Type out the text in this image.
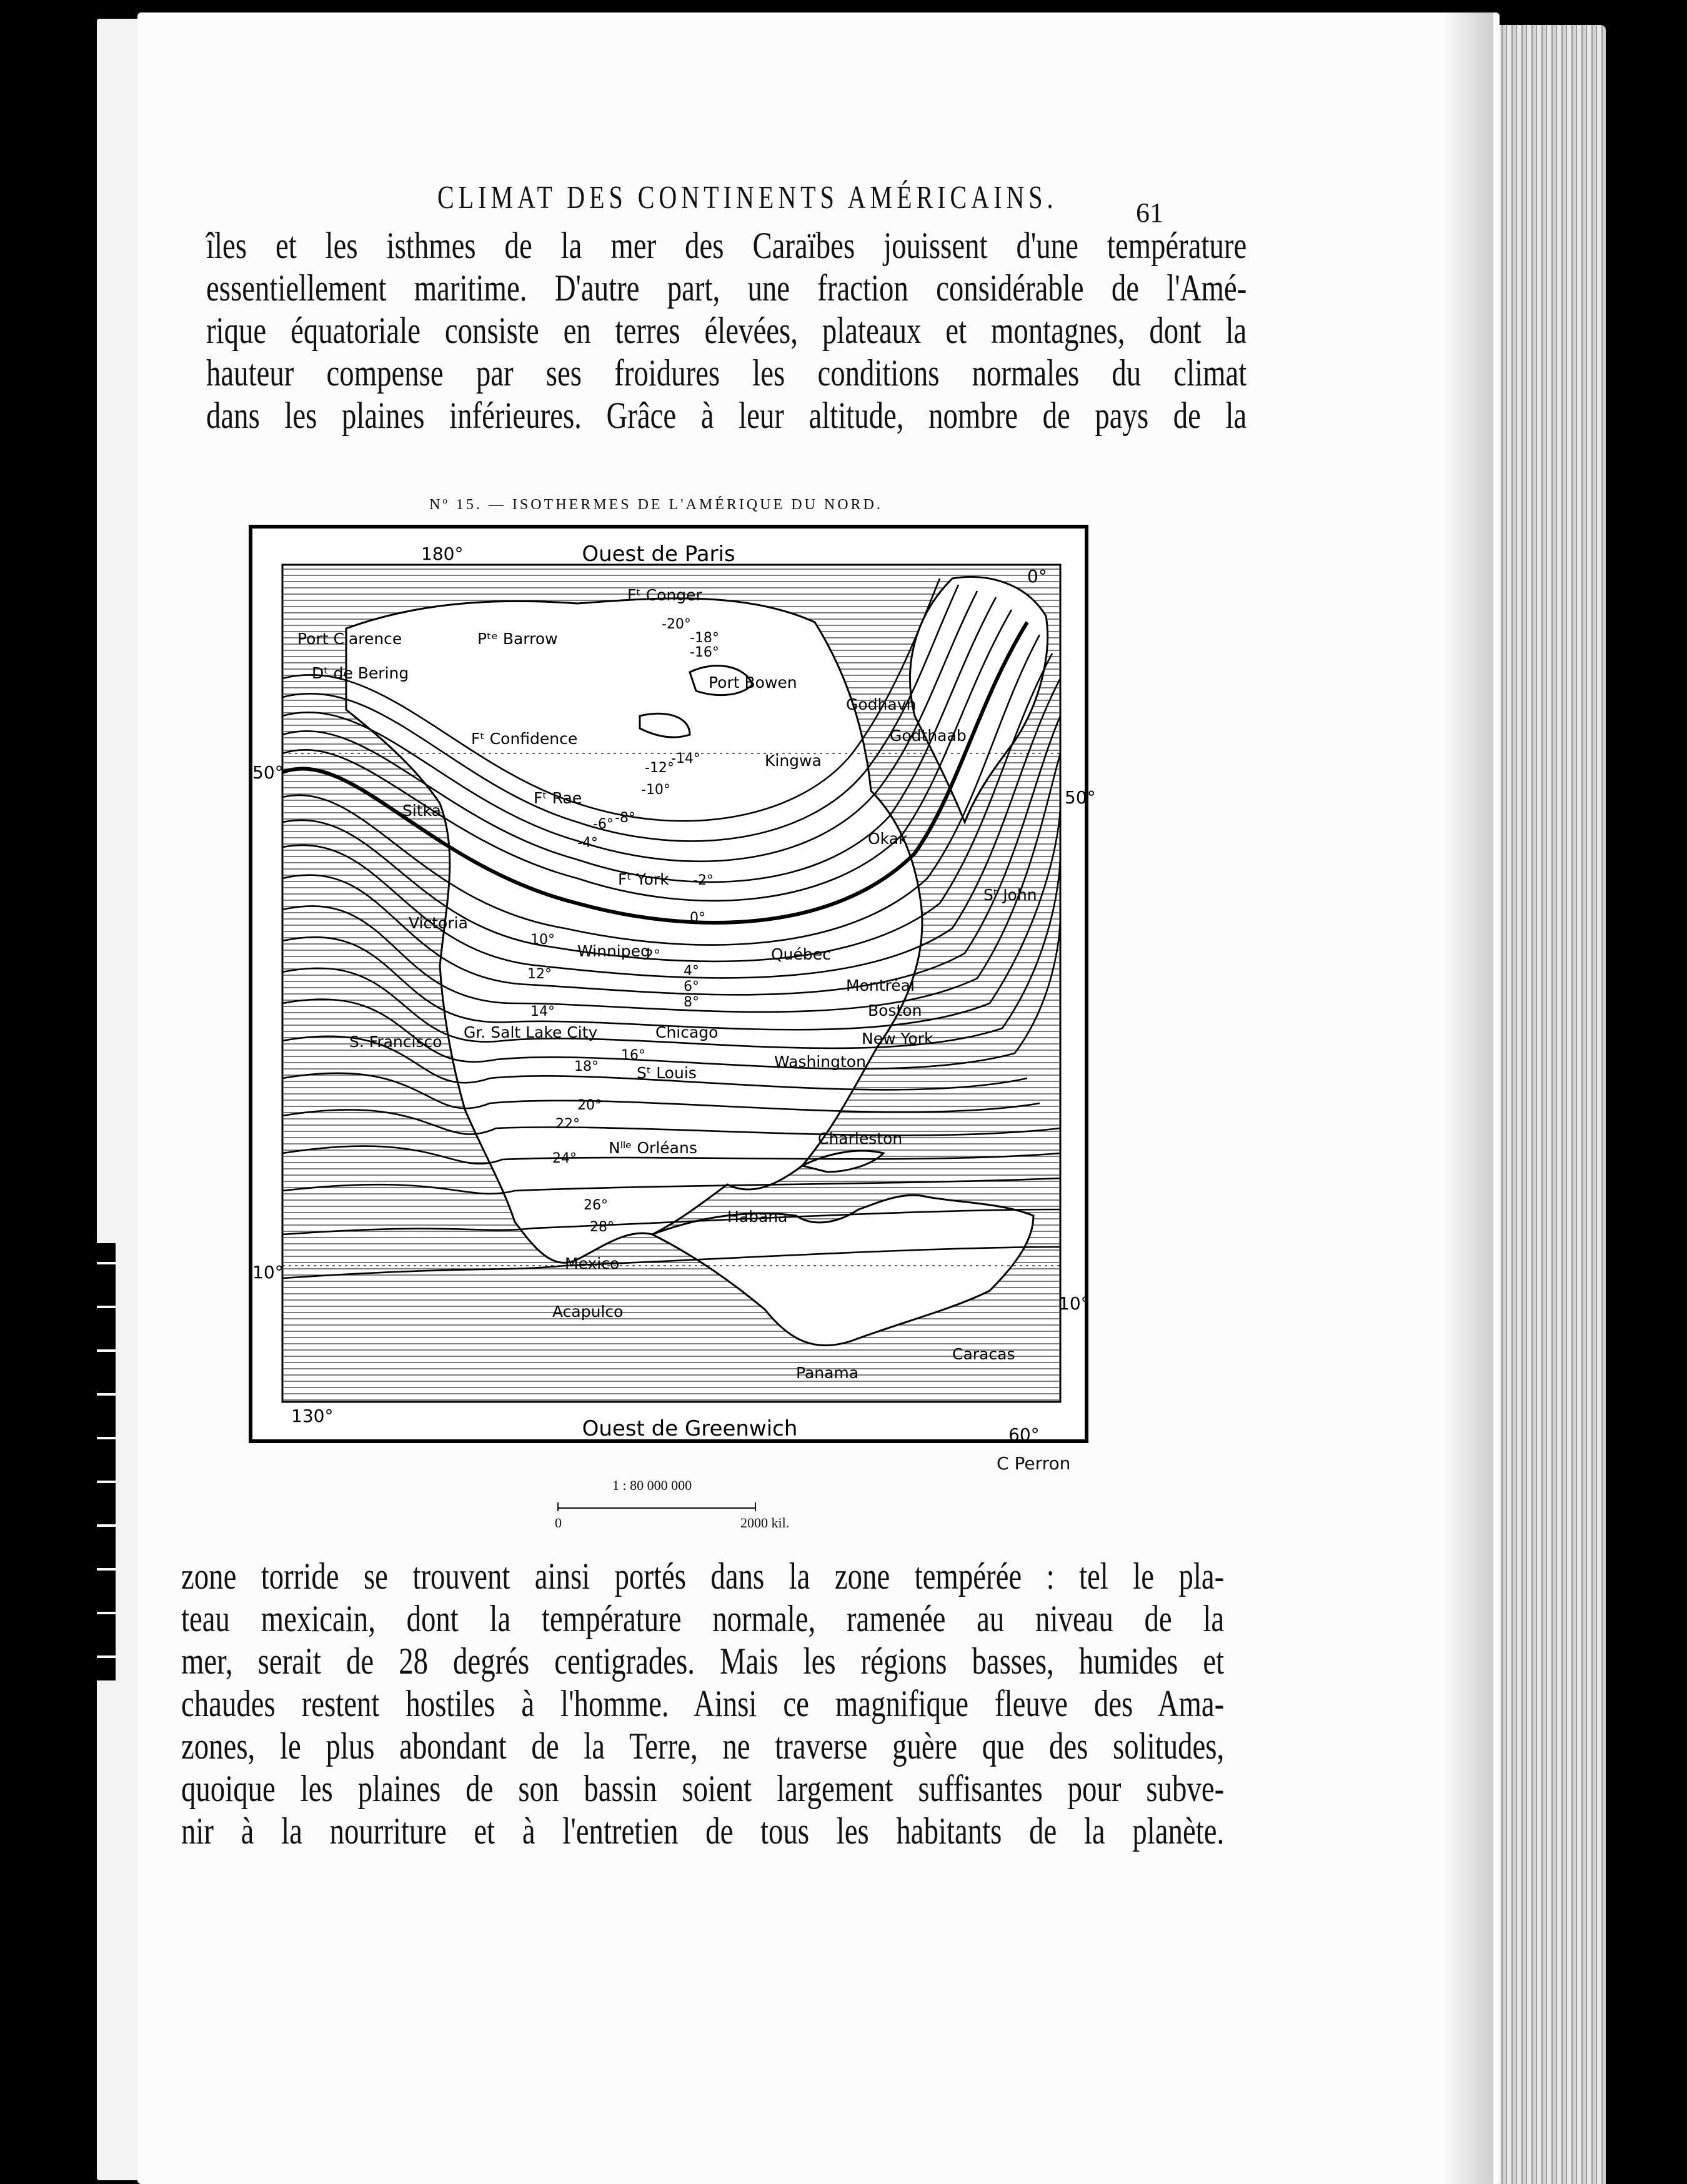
CLIMAT DES CONTINENTS AMÉRICAINS.	61
îles et les isthmes de la mer des Caraïbes jouissent d'une température
essentiellement maritime. D'autre part, une fraction considérable de l'Amé-
rique équatoriale consiste en terres élevées, plateaux et montagnes, dont la
hauteur compense par ses froidures les conditions normales du climat
dans les plaines inférieures. Grâce à leur altitude, nombre de pays de la
Nº 15. — ISOTHERMES DE L'AMÉRIQUE DU NORD.
Ouest de Paris
Ouest de Greenwich
180°
0°
50°
50°
10°
10°
130°
60°
Fᵗ Conger
Pᵗᵉ Barrow
Port Clarence
Dᵗ de Bering
Port Bowen
Godhavn
Godthaab
Fᵗ Confidence
Kingwa
Fᵗ Rae
Okak
Sitka
Fᵗ York
Sᵗ John
Victoria
Winnipeg	Québec
Montréal
Boston
New York
S. Francisco
Gr. Salt Lake City	Chicago
Washington
Sᵗ Louis
Charleston
Nˡˡᵉ Orléans
Habana
Mexico
Acapulco
Caracas
Panama
-20°
-18°
-16°
-14°
-12°
-10°
-8°
-6°
-4°
-2°
0°
2°
4°
6°
8°
10°
12°
14°
16°
18°
20°
22°
24°
26°
28°
C Perron
1 : 80 000 000
0	2000 kil.
zone torride se trouvent ainsi portés dans la zone tempérée : tel le pla-
teau mexicain, dont la température normale, ramenée au niveau de la
mer, serait de 28 degrés centigrades. Mais les régions basses, humides et
chaudes restent hostiles à l'homme. Ainsi ce magnifique fleuve des Ama-
zones, le plus abondant de la Terre, ne traverse guère que des solitudes,
quoique les plaines de son bassin soient largement suffisantes pour subve-
nir à la nourriture et à l'entretien de tous les habitants de la planète.
